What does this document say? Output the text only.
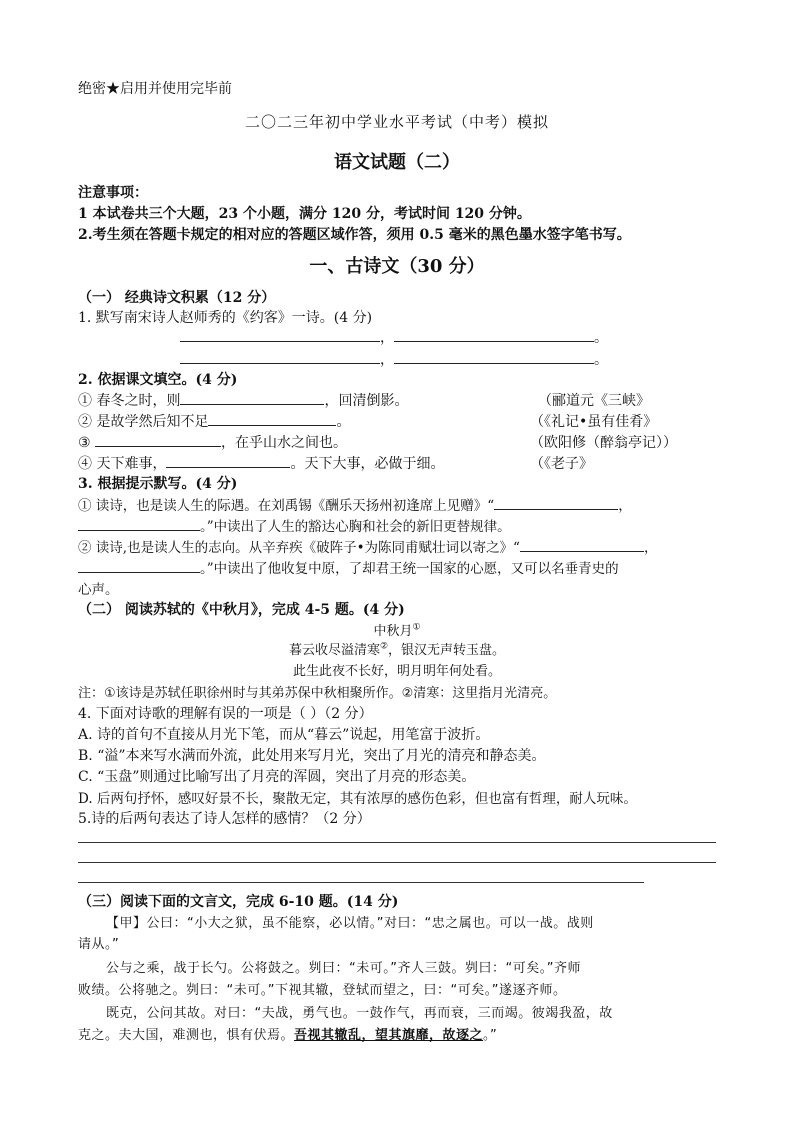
绝密★启用并使用完毕前
二〇二三年初中学业水平考试（中考）模拟
语文试题（二）
注意事项：
1 本试卷共三个大题，23 个小题，满分 120 分，考试时间 120 分钟。
2.考生须在答题卡规定的相对应的答题区域作答，须用 0.5 毫米的黑色墨水签字笔书写。
一、古诗文（30 分）
（一） 经典诗文积累（12 分）
1. 默写南宋诗人赵师秀的《约客》一诗。(4 分)
，	。
，	。
2. 依据课文填空。(4 分)
① 春冬之时，则	，回清倒影。	（郦道元《三峡》
② 是故学然后知不足	。	（《礼记•虽有佳肴》
③	，在乎山水之间也。	（欧阳修（醉翁亭记））
④ 天下难事，	。天下大事，必做于细。	（《老子》
3. 根据提示默写。(4 分)
① 读诗，也是读人生的际遇。在刘禹锡《酬乐天扬州初逢席上见赠》“	，
。”中读出了人生的豁达心胸和社会的新旧更替规律。
② 读诗,也是读人生的志向。从辛弃疾《破阵子•为陈同甫赋壮词以寄之》“	，
。”中读出了他收复中原，了却君王统一国家的心愿，又可以名垂青史的
心声。
（二） 阅读苏轼的《中秋月》，完成 4-5 题。(4 分)
中秋月①
暮云收尽溢清寒②，银汉无声转玉盘。
此生此夜不长好，明月明年何处看。
注：①该诗是苏轼任职徐州时与其弟苏保中秋相聚所作。②清寒：这里指月光清亮。
4. 下面对诗歌的理解有误的一项是（ ）（2 分）
A. 诗的首句不直接从月光下笔，而从“暮云”说起，用笔富于波折。
B. “溢”本来写水满而外流，此处用来写月光，突出了月光的清亮和静态美。
C. “玉盘”则通过比喻写出了月亮的浑圆，突出了月亮的形态美。
D. 后两句抒怀，感叹好景不长，聚散无定，其有浓厚的感伤色彩，但也富有哲理，耐人玩味。
5.诗的后两句表达了诗人怎样的感情？（2 分）
（三）阅读下面的文言文，完成 6-10 题。(14 分)
【甲】公曰：“小大之狱，虽不能察，必以情。”对曰：“忠之属也。可以一战。战则
请从。”
公与之乘，战于长勺。公将鼓之。刿曰：“未可。”齐人三鼓。刿曰：“可矣。”齐师
败绩。公将驰之。刿曰：“未可。”下视其辙，登轼而望之，曰：“可矣。”遂逐齐师。
既克，公问其故。对曰：“夫战，勇气也。一鼓作气，再而衰，三而竭。彼竭我盈，故
克之。夫大国，难测也，惧有伏焉。吾视其辙乱，望其旗靡，故逐之。”
